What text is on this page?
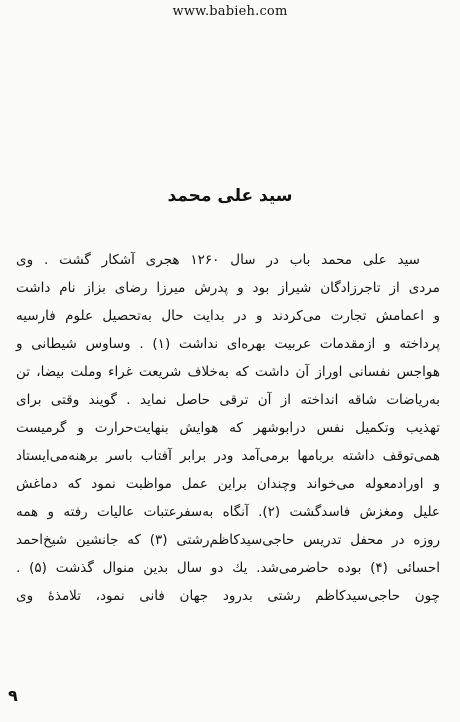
www.babieh.com
سید علی محمد
سید علی محمد باب در سال ۱۲۶۰ هجری آشکار گشت . وی
مردی از تاجرزادگان شیراز بود و پدرش میرزا رضای بزاز نام داشت
و اعمامش تجارت می‌کردند و در بدایت حال به‌تحصیل علوم فارسیه
پرداخته و ازمقدمات عربیت بهره‌ای نداشت (۱) . وساوس شیطانی و
هواجس نفسانی اوراز آن داشت که به‌خلاف شریعت غراء وملت بیضا، تن
به‌ریاضات شاقه انداخته از آن ترقی حاصل نماید . گویند وقتی برای
تهذیب وتکمیل نفس درابوشهر که هوایش بنهایت‌حرارت و گرمیست
همی‌توقف داشته بربامها برمی‌آمد ودر برابر آفتاب باسر برهنه‌می‌ایستاد
و اورادمعوله می‌خواند وچندان براین عمل مواظبت نمود که دماغش
علیل ومغزش فاسدگشت (۲). آنگاه به‌سفرعتبات عالیات رفته و همه‌
روزه در محفل تدریس حاجی‌سیدکاظم‌رشتی (۳) که جانشین شیخ‌احمد
احسائی (۴) بوده حاضرمی‌شد. یك دو سال بدین منوال گذشت (۵) .
چون حاجی‌سیدکاظم رشتی بدرود جهان فانی نمود، تلامذهٔ وی
۹
